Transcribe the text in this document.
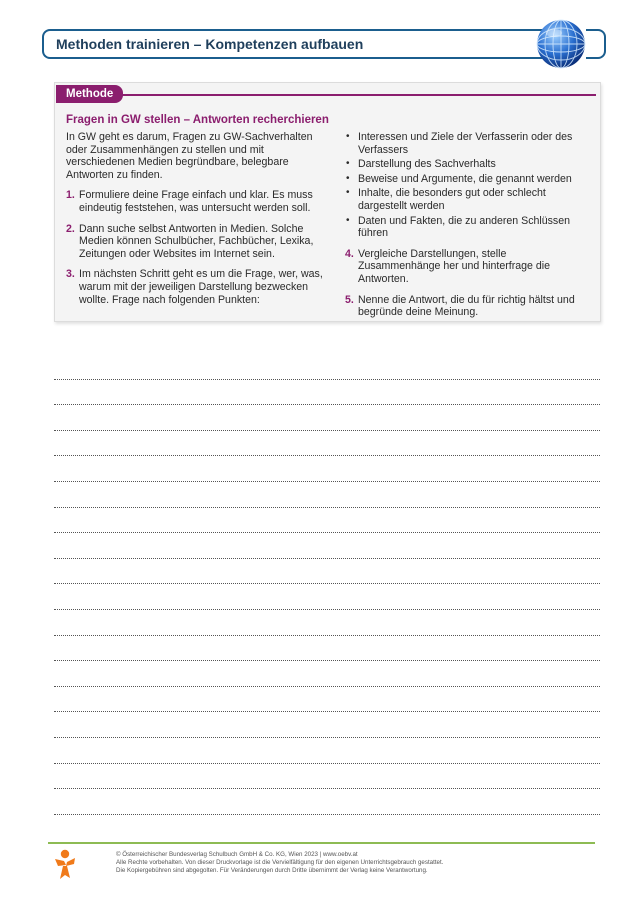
Methoden trainieren – Kompetenzen aufbauen
Methode
Fragen in GW stellen – Antworten recherchieren

In GW geht es darum, Fragen zu GW-Sachverhalten oder Zusammenhängen zu stellen und mit verschiedenen Medien begründbare, belegbare Antworten zu finden.

1. Formuliere deine Frage einfach und klar. Es muss eindeutig feststehen, was untersucht werden soll.

2. Dann suche selbst Antworten in Medien. Solche Medien können Schulbücher, Fachbücher, Lexika, Zeitungen oder Websites im Internet sein.

3. Im nächsten Schritt geht es um die Frage, wer, was, warum mit der jeweiligen Darstellung bezwecken wollte. Frage nach folgenden Punkten:

• Interessen und Ziele der Verfasserin oder des Verfassers

• Darstellung des Sachverhalts

• Beweise und Argumente, die genannt werden

• Inhalte, die besonders gut oder schlecht dargestellt werden

• Daten und Fakten, die zu anderen Schlüssen führen

4. Vergleiche Darstellungen, stelle Zusammenhänge her und hinterfrage die Antworten.

5. Nenne die Antwort, die du für richtig hältst und begründe deine Meinung.

© Österreichischer Bundesverlag Schulbuch GmbH & Co. KG, Wien 2023 | www.oebv.at
Alle Rechte vorbehalten. Von dieser Druckvorlage ist die Vervielfältigung für den eigenen Unterrichtsgebrauch gestattet.
Die Kopiergebühren sind abgegolten. Für Veränderungen durch Dritte übernimmt der Verlag keine Verantwortung.
